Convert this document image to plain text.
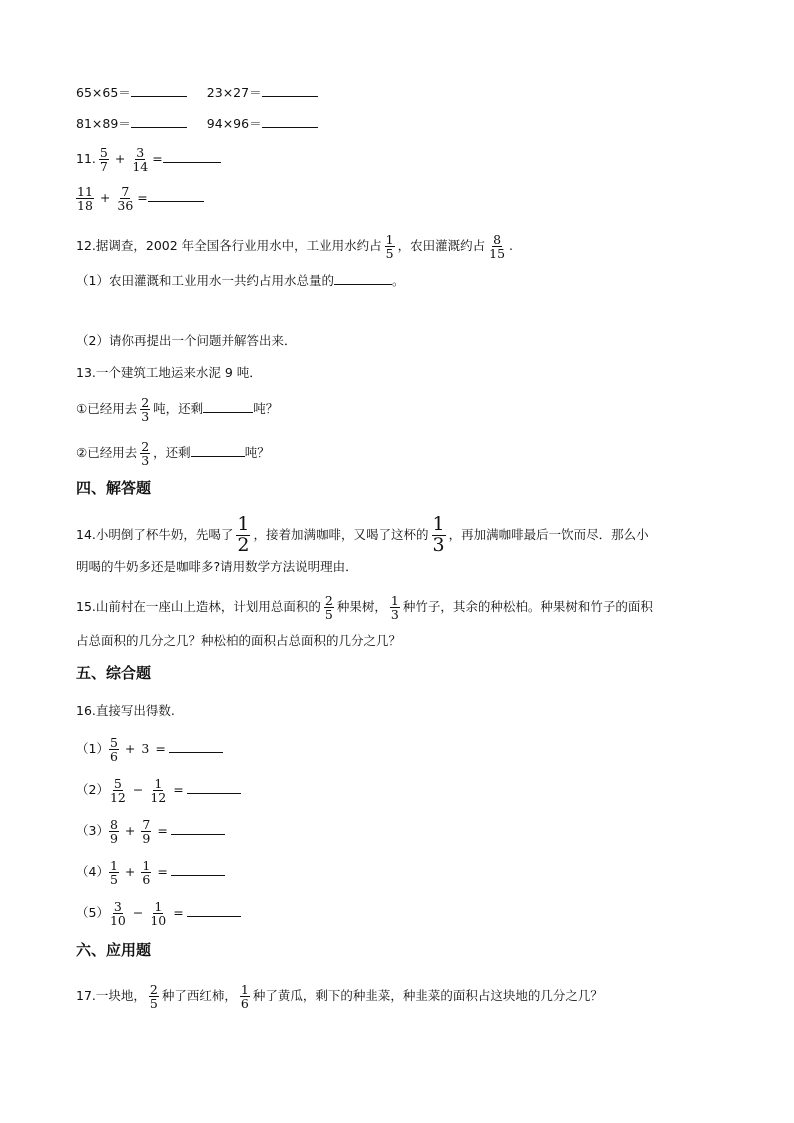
65×65＝	23×27＝
81×89＝	94×96＝
11. $\frac{5}{7} + \frac{3}{14}$ =
$\frac{11}{18} + \frac{7}{36}$ =
12.据调查，2002 年全国各行业用水中，工业用水约占 $\frac{1}{5}$ ，农田灌溉约占 $\frac{8}{15}$ .
（1）农田灌溉和工业用水一共约占用水总量的	。
（2）请你再提出一个问题并解答出来．
13.一个建筑工地运来水泥 9 吨．
①已经用去 $\frac{2}{3}$ 吨，还剩	吨？
②已经用去 $\frac{2}{3}$ ，还剩	吨？
四、解答题
14.小明倒了杯牛奶，先喝了 $\frac{1}{2}$ ，接着加满咖啡，又喝了这杯的 $\frac{1}{3}$ ，再加满咖啡最后一饮而尽．那么小
明喝的牛奶多还是咖啡多?请用数学方法说明理由．
15.山前村在一座山上造林，计划用总面积的 $\frac{2}{5}$ 种果树， $\frac{1}{3}$ 种竹子，其余的种松柏。种果树和竹子的面积
占总面积的几分之几？种松柏的面积占总面积的几分之几？
五、综合题
16.直接写出得数.
$(1) \frac{5}{6} + 3$ =
$(2) \frac{5}{12} - \frac{1}{12}$ =
$(3) \frac{8}{9} + \frac{7}{9}$ =
$(4) \frac{1}{5} + \frac{1}{6}$ =
$(5) \frac{3}{10} - \frac{1}{10}$ =
六、应用题
17.一块地， $\frac{2}{5}$ 种了西红柿， $\frac{1}{6}$ 种了黄瓜，剩下的种韭菜，种韭菜的面积占这块地的几分之几？
